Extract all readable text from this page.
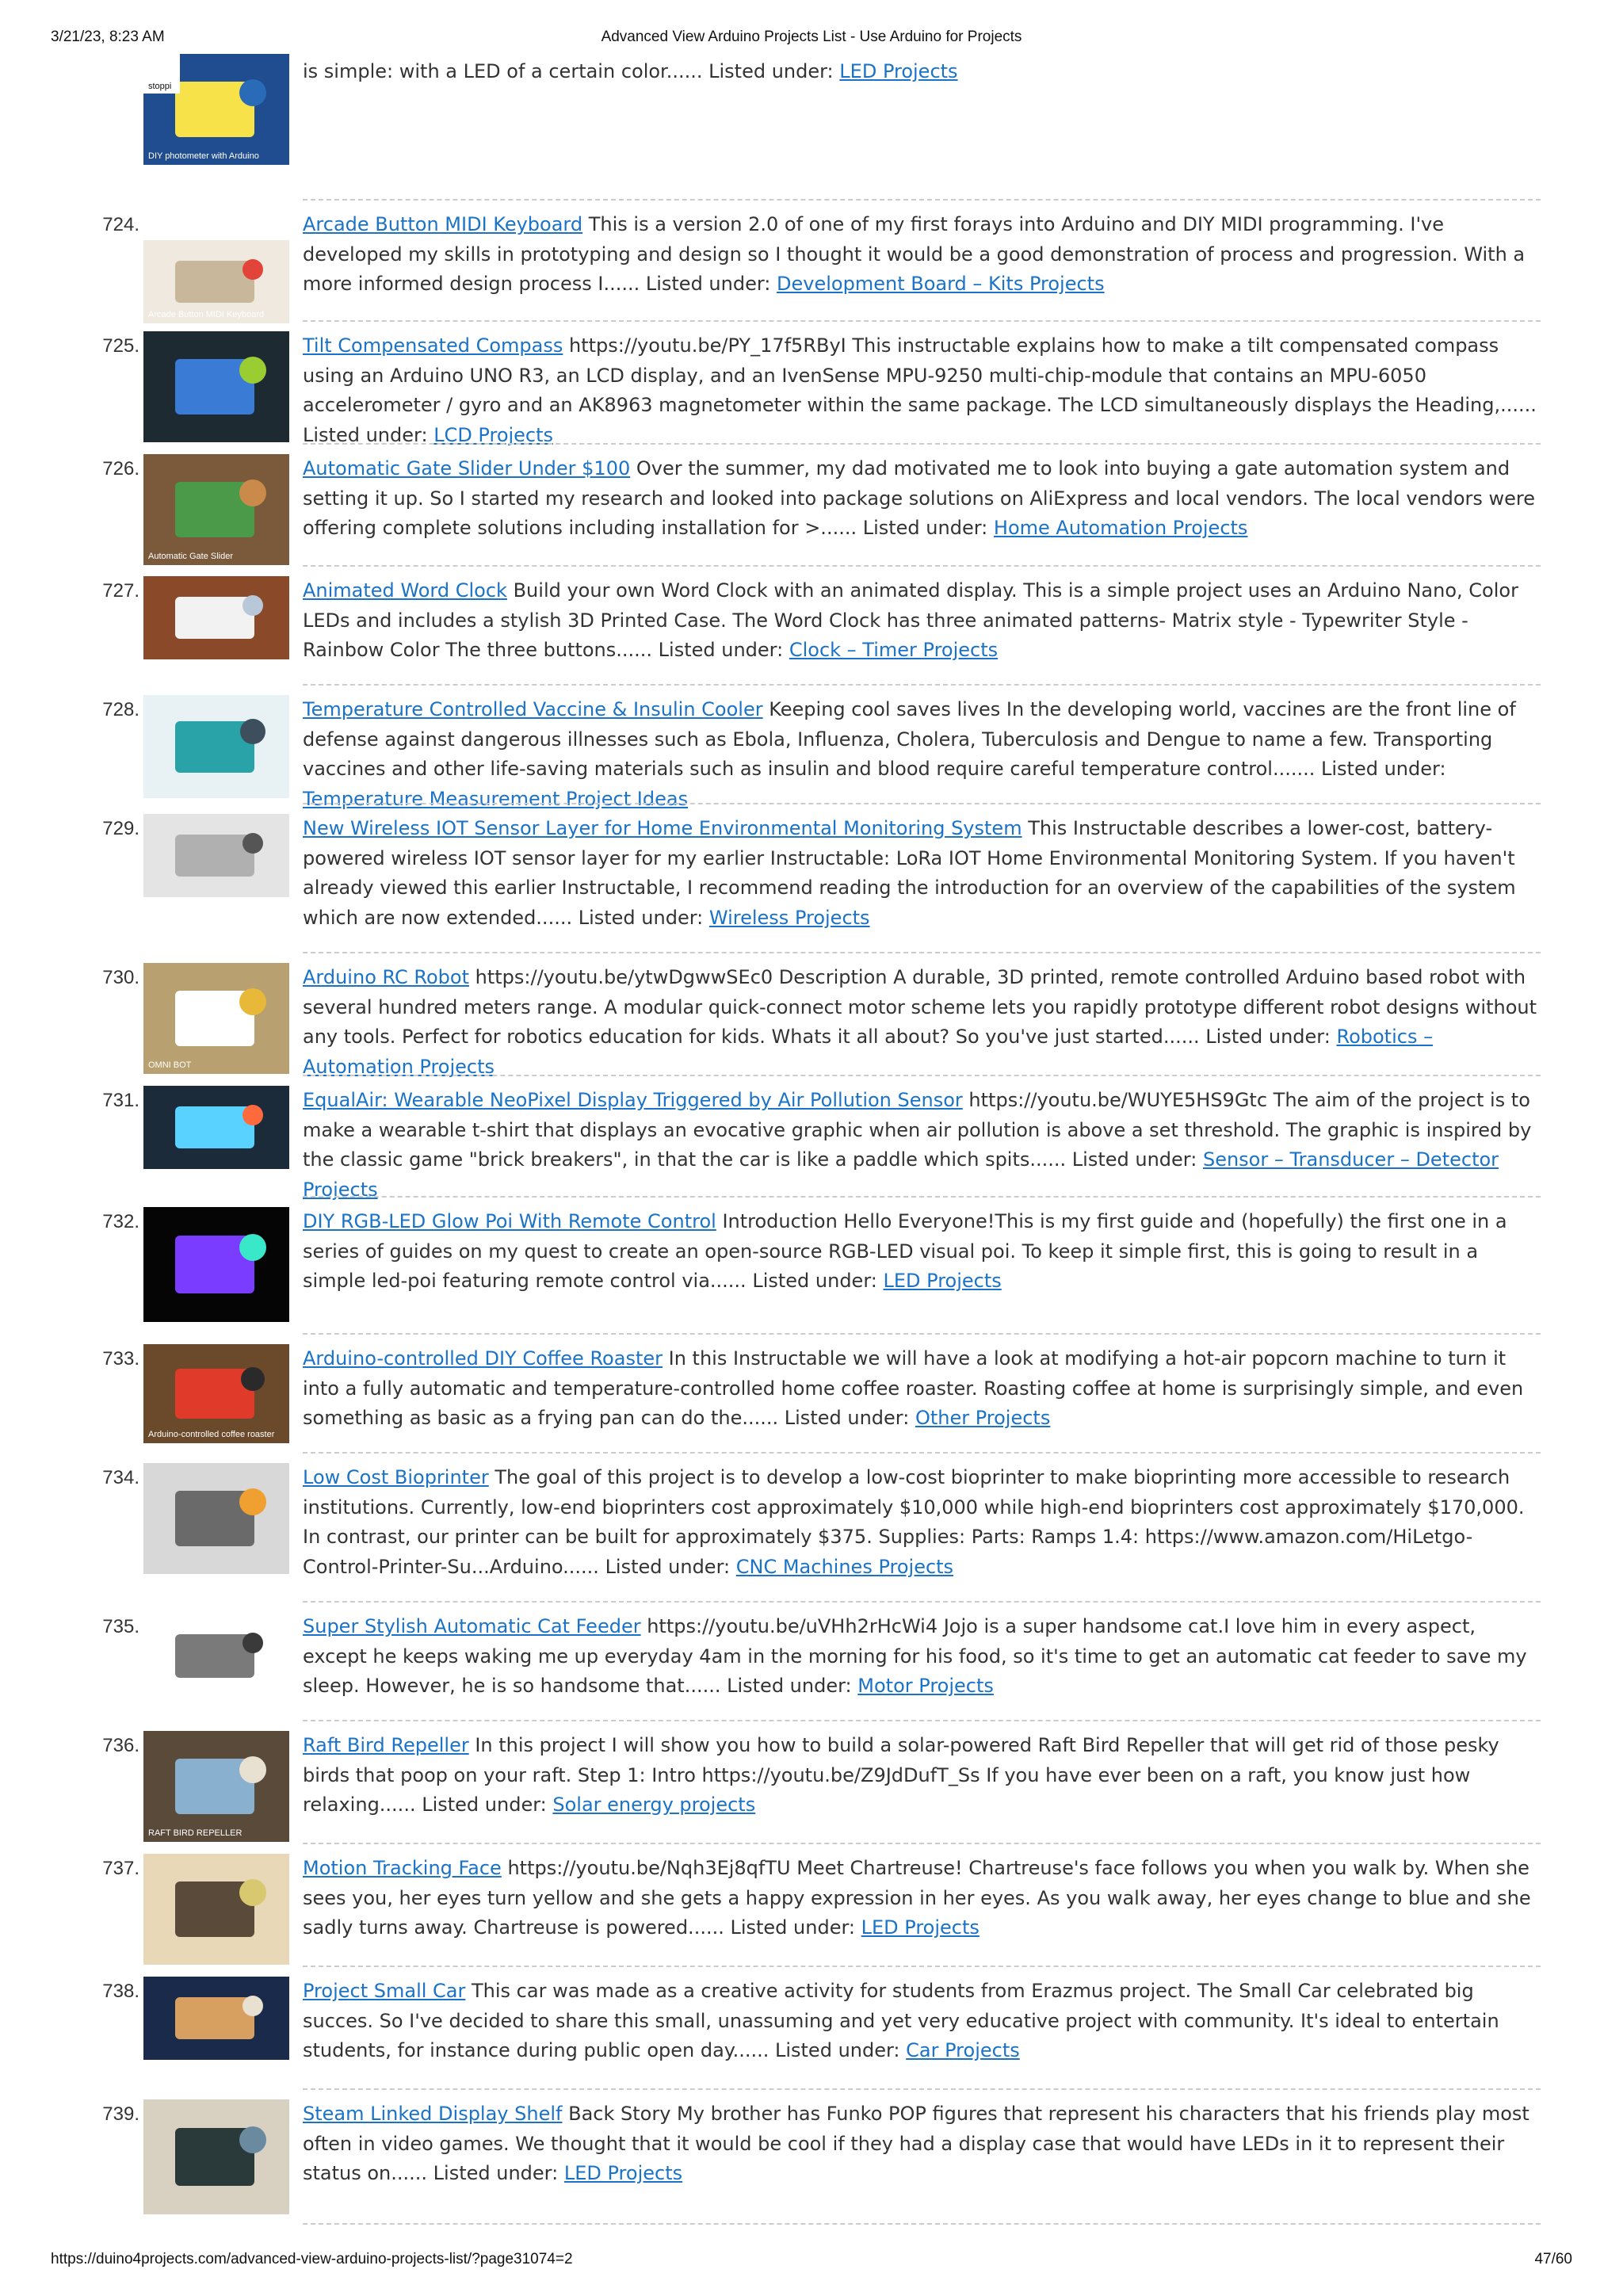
3/21/23, 8:23 AM	Advanced View Arduino Projects List - Use Arduino for Projects
stoppi
DIY photometer with Arduino
is simple: with a LED of a certain color...... Listed under: LED Projects
724.
Arcade Button MIDI Keyboard
Arcade Button MIDI Keyboard This is a version 2.0 of one of my first forays into Arduino and DIY MIDI programming. I've developed my skills in prototyping and design so I thought it would be a good demonstration of process and progression. With a more informed design process I...... Listed under: Development Board – Kits Projects
725.	Tilt Compensated Compass https://youtu.be/PY_17f5RByI This instructable explains how to make a tilt compensated compass using an Arduino UNO R3, an LCD display, and an IvenSense MPU-9250 multi-chip-module that contains an MPU-6050 accelerometer / gyro and an AK8963 magnetometer within the same package. The LCD simultaneously displays the Heading,...... Listed under: LCD Projects
726.
Automatic Gate Slider
Automatic Gate Slider Under $100 Over the summer, my dad motivated me to look into buying a gate automation system and setting it up. So I started my research and looked into package solutions on AliExpress and local vendors. The local vendors were offering complete solutions including installation for >...... Listed under: Home Automation Projects
727.	Animated Word Clock Build your own Word Clock with an animated display. This is a simple project uses an Arduino Nano, Color LEDs and includes a stylish 3D Printed Case. The Word Clock has three animated patterns- Matrix style - Typewriter Style - Rainbow Color The three buttons...... Listed under: Clock – Timer Projects
728.	Temperature Controlled Vaccine & Insulin Cooler Keeping cool saves lives In the developing world, vaccines are the front line of defense against dangerous illnesses such as Ebola, Influenza, Cholera, Tuberculosis and Dengue to name a few. Transporting vaccines and other life-saving materials such as insulin and blood require careful temperature control....... Listed under: Temperature Measurement Project Ideas
729.	New Wireless IOT Sensor Layer for Home Environmental Monitoring System This Instructable describes a lower-cost, battery-powered wireless IOT sensor layer for my earlier Instructable: LoRa IOT Home Environmental Monitoring System. If you haven't already viewed this earlier Instructable, I recommend reading the introduction for an overview of the capabilities of the system which are now extended...... Listed under: Wireless Projects
730.
OMNI BOT
Arduino RC Robot https://youtu.be/ytwDgwwSEc0 Description A durable, 3D printed, remote controlled Arduino based robot with several hundred meters range. A modular quick-connect motor scheme lets you rapidly prototype different robot designs without any tools. Perfect for robotics education for kids. Whats it all about? So you've just started...... Listed under: Robotics – Automation Projects
731.	EqualAir: Wearable NeoPixel Display Triggered by Air Pollution Sensor https://youtu.be/WUYE5HS9Gtc The aim of the project is to make a wearable t-shirt that displays an evocative graphic when air pollution is above a set threshold. The graphic is inspired by the classic game "brick breakers", in that the car is like a paddle which spits...... Listed under: Sensor – Transducer – Detector Projects
732.	DIY RGB-LED Glow Poi With Remote Control Introduction Hello Everyone!This is my first guide and (hopefully) the first one in a series of guides on my quest to create an open-source RGB-LED visual poi. To keep it simple first, this is going to result in a simple led-poi featuring remote control via...... Listed under: LED Projects
733.
Arduino-controlled coffee roaster
Arduino-controlled DIY Coffee Roaster In this Instructable we will have a look at modifying a hot-air popcorn machine to turn it into a fully automatic and temperature-controlled home coffee roaster. Roasting coffee at home is surprisingly simple, and even something as basic as a frying pan can do the...... Listed under: Other Projects
734.	Low Cost Bioprinter The goal of this project is to develop a low-cost bioprinter to make bioprinting more accessible to research institutions. Currently, low-end bioprinters cost approximately $10,000 while high-end bioprinters cost approximately $170,000. In contrast, our printer can be built for approximately $375. Supplies: Parts: Ramps 1.4: https://www.amazon.com/HiLetgo-Control-Printer-Su...Arduino...... Listed under: CNC Machines Projects
735.	Super Stylish Automatic Cat Feeder https://youtu.be/uVHh2rHcWi4 Jojo is a super handsome cat.I love him in every aspect, except he keeps waking me up everyday 4am in the morning for his food, so it's time to get an automatic cat feeder to save my sleep. However, he is so handsome that...... Listed under: Motor Projects
736.
RAFT BIRD REPELLER
Raft Bird Repeller In this project I will show you how to build a solar-powered Raft Bird Repeller that will get rid of those pesky birds that poop on your raft. Step 1: Intro https://youtu.be/Z9JdDufT_Ss If you have ever been on a raft, you know just how relaxing...... Listed under: Solar energy projects
737.	Motion Tracking Face https://youtu.be/Nqh3Ej8qfTU Meet Chartreuse! Chartreuse's face follows you when you walk by. When she sees you, her eyes turn yellow and she gets a happy expression in her eyes. As you walk away, her eyes change to blue and she sadly turns away. Chartreuse is powered...... Listed under: LED Projects
738.	Project Small Car This car was made as a creative activity for students from Erazmus project. The Small Car celebrated big succes. So I've decided to share this small, unassuming and yet very educative project with community. It's ideal to entertain students, for instance during public open day...... Listed under: Car Projects
739.	Steam Linked Display Shelf Back Story My brother has Funko POP figures that represent his characters that his friends play most often in video games. We thought that it would be cool if they had a display case that would have LEDs in it to represent their status on...... Listed under: LED Projects
https://duino4projects.com/advanced-view-arduino-projects-list/?page31074=2	47/60
